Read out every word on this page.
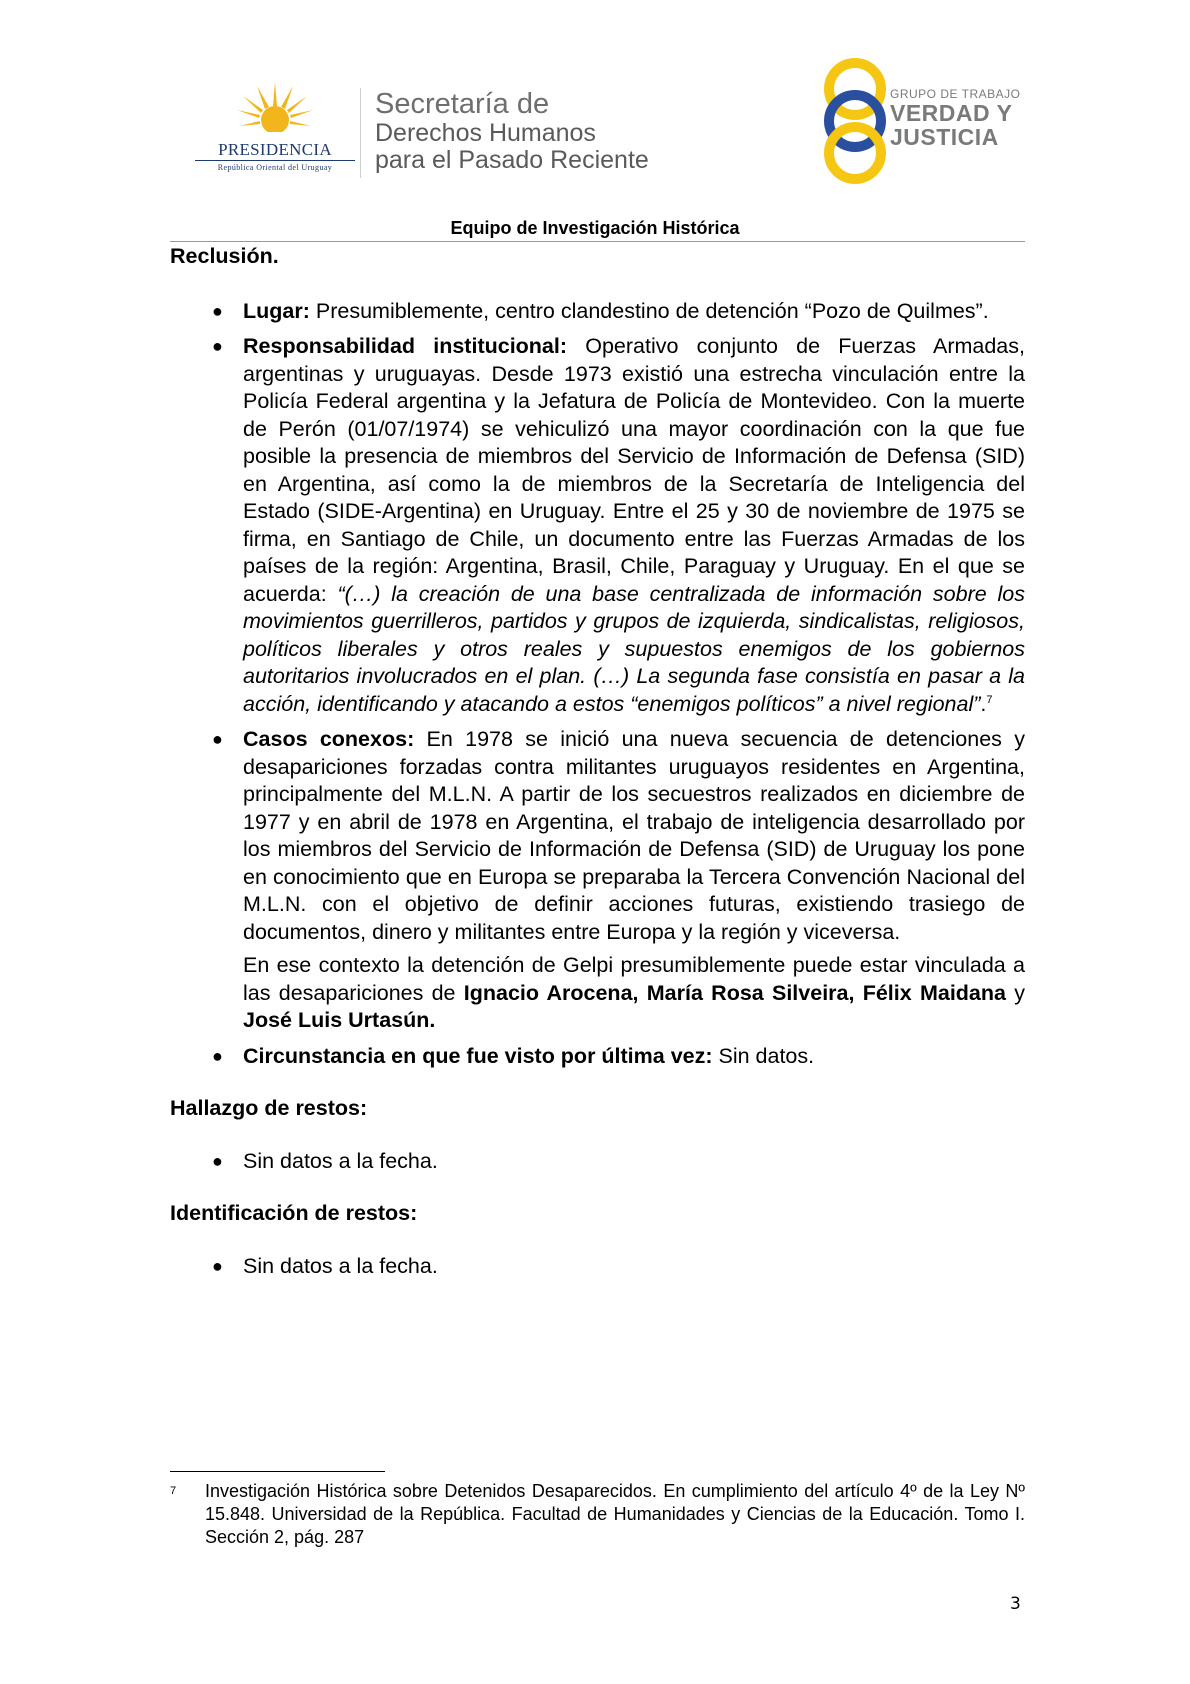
PRESIDENCIA
República Oriental del Uruguay
Secretaría de
Derechos Humanos
para el Pasado Reciente
GRUPO DE TRABAJO
VERDAD Y
JUSTICIA
Equipo de Investigación Histórica
Reclusión.
● Lugar: Presumiblemente, centro clandestino de detención “Pozo de Quilmes”.
● Responsabilidad institucional: Operativo conjunto de Fuerzas Armadas, argentinas y uruguayas. Desde 1973 existió una estrecha vinculación entre la Policía Federal argentina y la Jefatura de Policía de Montevideo. Con la muerte de Perón (01/07/1974) se vehiculizó una mayor coordinación con la que fue posible la presencia de miembros del Servicio de Información de Defensa (SID) en Argentina, así como la de miembros de la Secretaría de Inteligencia del Estado (SIDE-Argentina) en Uruguay. Entre el 25 y 30 de noviembre de 1975 se firma, en Santiago de Chile, un documento entre las Fuerzas Armadas de los países de la región: Argentina, Brasil, Chile, Paraguay y Uruguay. En el que se acuerda: “(…) la creación de una base centralizada de información sobre los movimientos guerrilleros, partidos y grupos de izquierda, sindicalistas, religiosos, políticos liberales y otros reales y supuestos enemigos de los gobiernos autoritarios involucrados en el plan. (…) La segunda fase consistía en pasar a la acción, identificando y atacando a estos “enemigos políticos” a nivel regional”.$^7$
● Casos conexos: En 1978 se inició una nueva secuencia de detenciones y desapariciones forzadas contra militantes uruguayos residentes en Argentina, principalmente del M.L.N. A partir de los secuestros realizados en diciembre de 1977 y en abril de 1978 en Argentina, el trabajo de inteligencia desarrollado por los miembros del Servicio de Información de Defensa (SID) de Uruguay los pone en conocimiento que en Europa se preparaba la Tercera Convención Nacional del M.L.N. con el objetivo de definir acciones futuras, existiendo trasiego de documentos, dinero y militantes entre Europa y la región y viceversa.
En ese contexto la detención de Gelpi presumiblemente puede estar vinculada a las desapariciones de Ignacio Arocena, María Rosa Silveira, Félix Maidana y José Luis Urtasún.
● Circunstancia en que fue visto por última vez: Sin datos.
Hallazgo de restos:
● Sin datos a la fecha.
Identificación de restos:
● Sin datos a la fecha.
7	Investigación Histórica sobre Detenidos Desaparecidos. En cumplimiento del artículo 4º de la Ley Nº 15.848. Universidad de la República. Facultad de Humanidades y Ciencias de la Educación. Tomo I. Sección 2, pág. 287
3
